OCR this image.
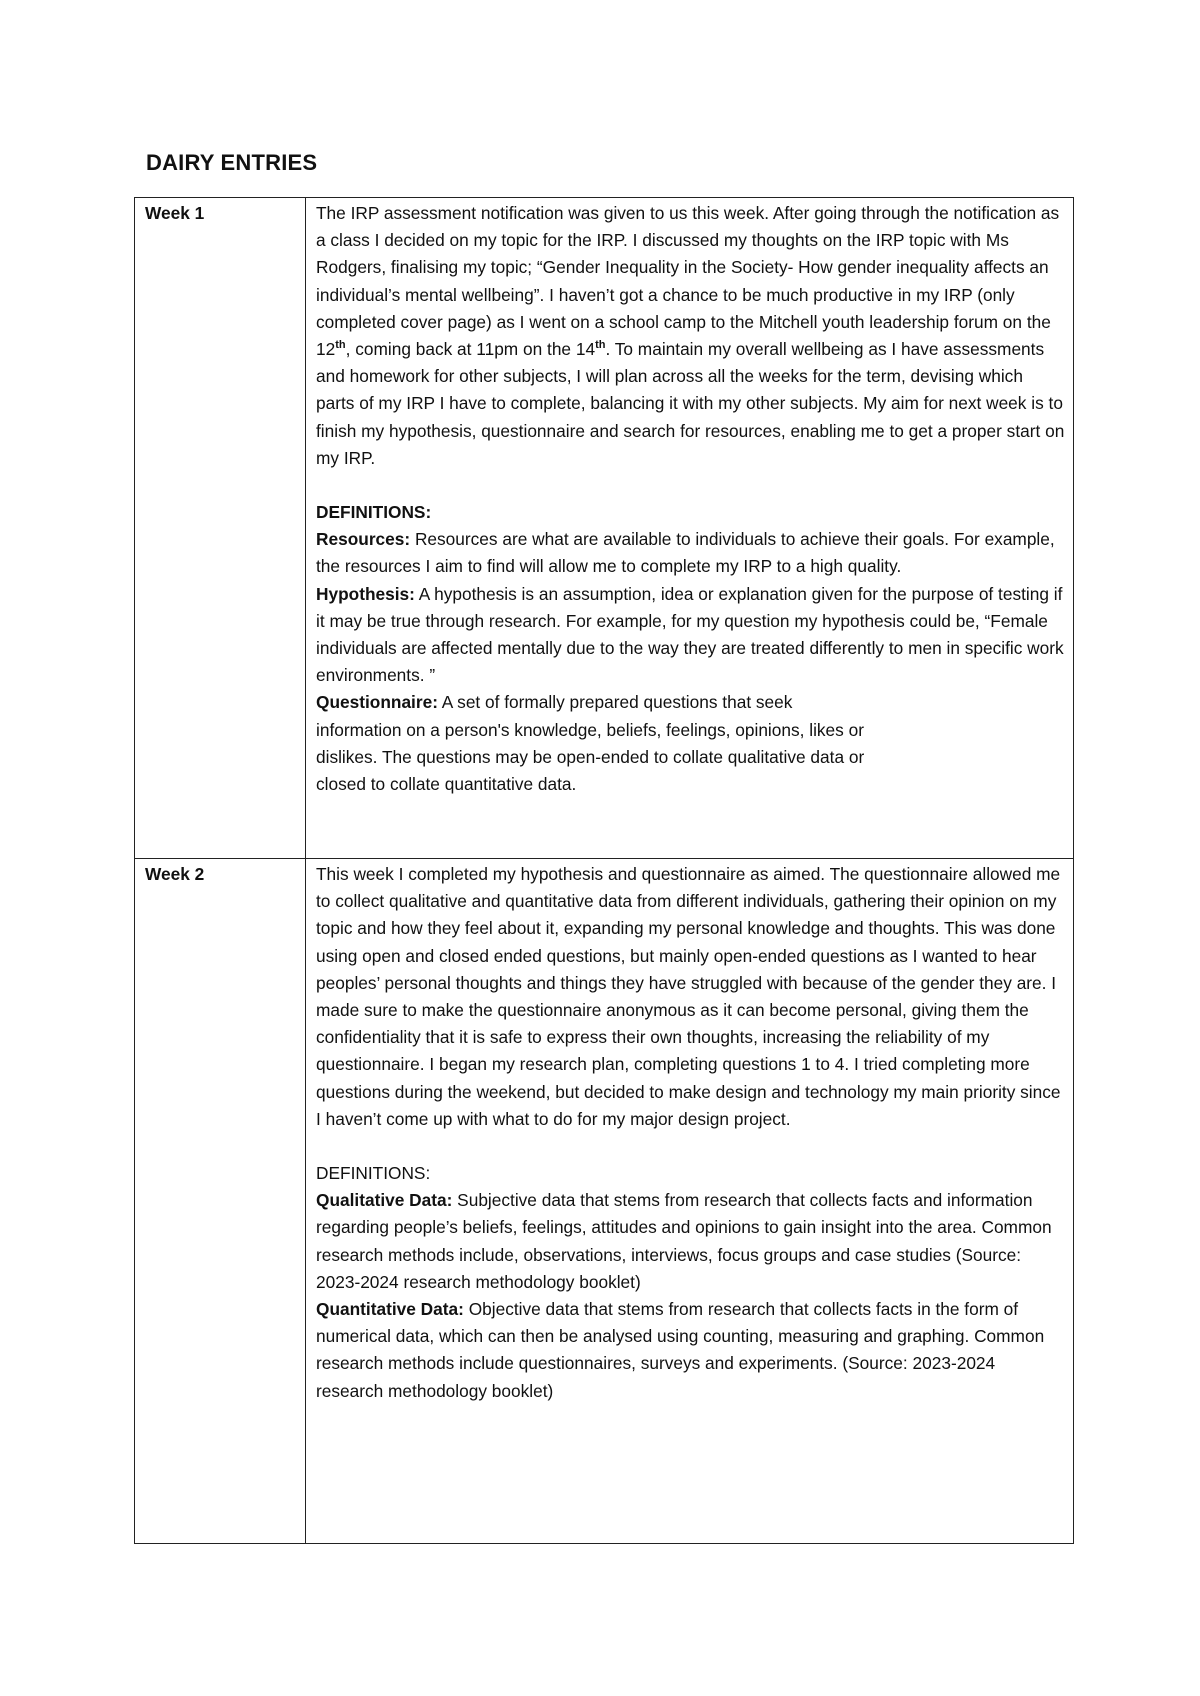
DAIRY ENTRIES
Week 1	The IRP assessment notification was given to us this week. After going through the notification as a class I decided on my topic for the IRP. I discussed my thoughts on the IRP topic with Ms Rodgers, finalising my topic; “Gender Inequality in the Society- How gender inequality affects an individual’s mental wellbeing”. I haven’t got a chance to be much productive in my IRP (only completed cover page) as I went on a school camp to the Mitchell youth leadership forum on the 12th, coming back at 11pm on the 14th. To maintain my overall wellbeing as I have assessments and homework for other subjects, I will plan across all the weeks for the term, devising which parts of my IRP I have to complete, balancing it with my other subjects. My aim for next week is to finish my hypothesis, questionnaire and search for resources, enabling me to get a proper start on my IRP.

DEFINITIONS:

Resources: Resources are what are available to individuals to achieve their goals. For example, the resources I aim to find will allow me to complete my IRP to a high quality.

Hypothesis: A hypothesis is an assumption, idea or explanation given for the purpose of testing if it may be true through research. For example, for my question my hypothesis could be, “Female individuals are affected mentally due to the way they are treated differently to men in specific work environments. ”

Questionnaire: A set of formally prepared questions that seek information on a person's knowledge, beliefs, feelings, opinions, likes or dislikes. The questions may be open-ended to collate qualitative data or closed to collate quantitative data.

Week 2	This week I completed my hypothesis and questionnaire as aimed. The questionnaire allowed me to collect qualitative and quantitative data from different individuals, gathering their opinion on my topic and how they feel about it, expanding my personal knowledge and thoughts. This was done using open and closed ended questions, but mainly open-ended questions as I wanted to hear peoples’ personal thoughts and things they have struggled with because of the gender they are. I made sure to make the questionnaire anonymous as it can become personal, giving them the confidentiality that it is safe to express their own thoughts, increasing the reliability of my questionnaire. I began my research plan, completing questions 1 to 4. I tried completing more questions during the weekend, but decided to make design and technology my main priority since I haven’t come up with what to do for my major design project.

DEFINITIONS:

Qualitative Data: Subjective data that stems from research that collects facts and information regarding people’s beliefs, feelings, attitudes and opinions to gain insight into the area. Common research methods include, observations, interviews, focus groups and case studies (Source: 2023-2024 research methodology booklet)

Quantitative Data: Objective data that stems from research that collects facts in the form of numerical data, which can then be analysed using counting, measuring and graphing. Common research methods include questionnaires, surveys and experiments. (Source: 2023-2024 research methodology booklet)
